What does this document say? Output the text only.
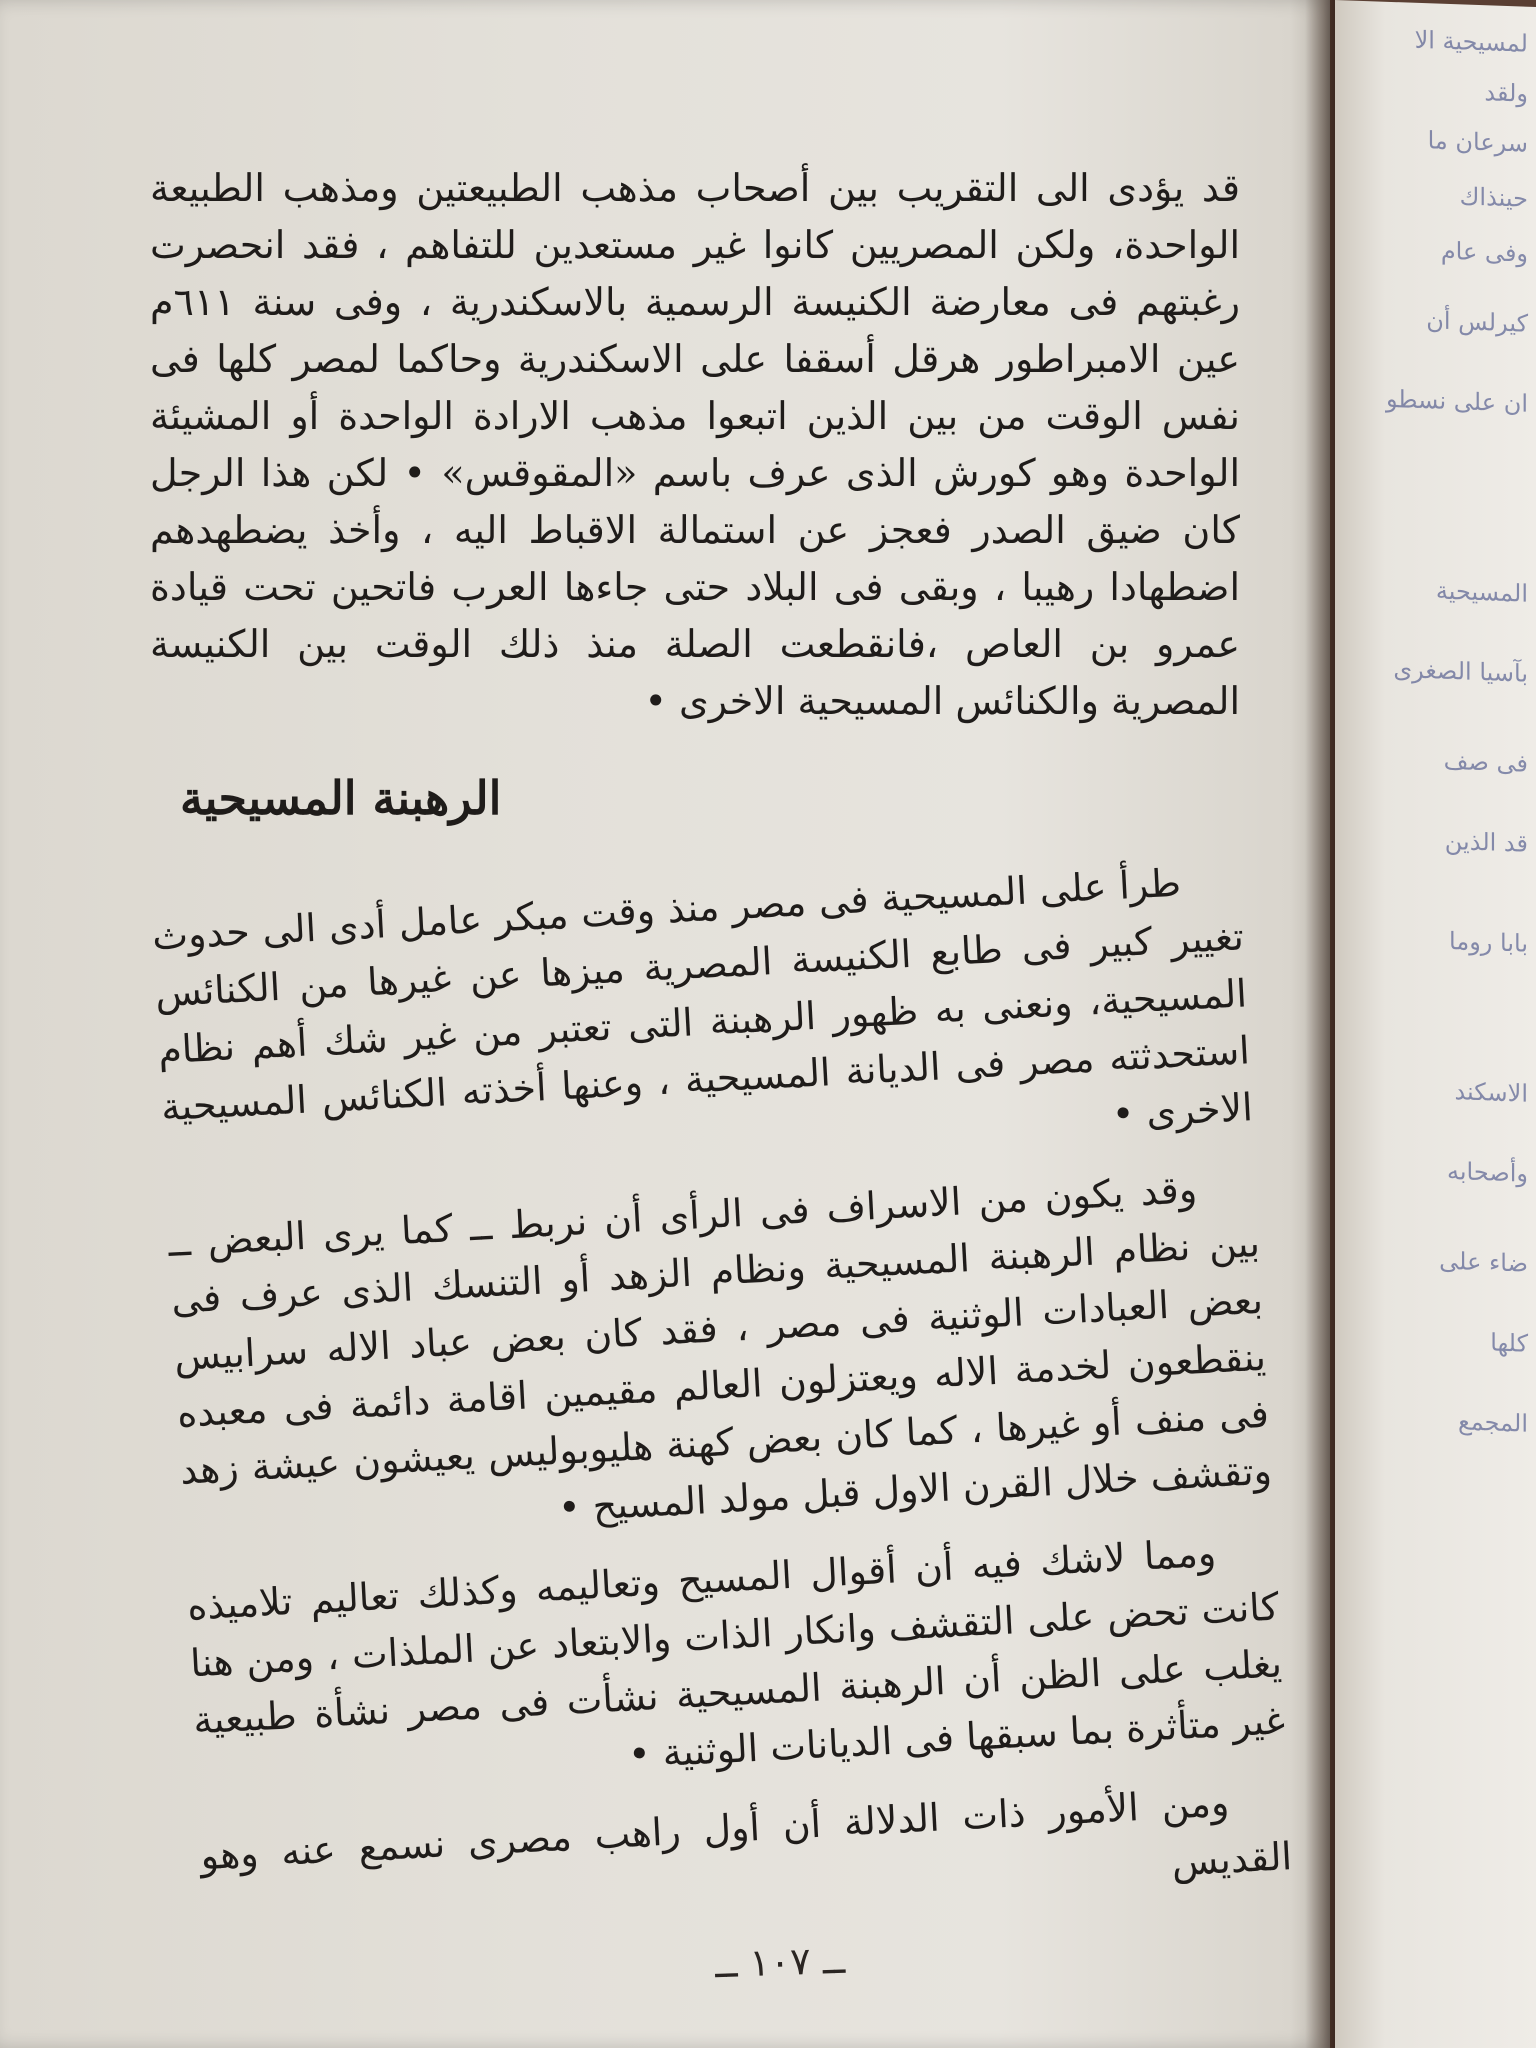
لمسيحية الا
ولقد
سرعان ما
حينذاك
وفى عام
كيرلس أن
ان على نسطو
المسيحية
بآسيا الصغرى
فى صف
قد الذين
بابا روما
الاسكند
وأصحابه
ضاء على
كلها
المجمع

قد يؤدى الى التقريب بين أصحاب مذهب الطبيعتين ومذهب الطبيعة الواحدة، ولكن المصريين كانوا غير مستعدين للتفاهم ، فقد انحصرت رغبتهم فى معارضة الكنيسة الرسمية بالاسكندرية ، وفى سنة ٦١١م عين الامبراطور هرقل أسقفا على الاسكندرية وحاكما لمصر كلها فى نفس الوقت من بين الذين اتبعوا مذهب الارادة الواحدة أو المشيئة الواحدة وهو كورش الذى عرف باسم «المقوقس» • لكن هذا الرجل كان ضيق الصدر فعجز عن استمالة الاقباط اليه ، وأخذ يضطهدهم اضطهادا رهيبا ، وبقى فى البلاد حتى جاءها العرب فاتحين تحت قيادة عمرو بن العاص ،فانقطعت الصلة منذ ذلك الوقت بين الكنيسة المصرية والكنائس المسيحية الاخرى •

الرهبنة المسيحية

طرأ على المسيحية فى مصر منذ وقت مبكر عامل أدى الى حدوث تغيير كبير فى طابع الكنيسة المصرية ميزها عن غيرها من الكنائس المسيحية، ونعنى به ظهور الرهبنة التى تعتبر من غير شك أهم نظام استحدثته مصر فى الديانة المسيحية ، وعنها أخذته الكنائس المسيحية الاخرى •

وقد يكون من الاسراف فى الرأى أن نربط ــ كما يرى البعض ــ بين نظام الرهبنة المسيحية ونظام الزهد أو التنسك الذى عرف فى بعض العبادات الوثنية فى مصر ، فقد كان بعض عباد الاله سرابيس ينقطعون لخدمة الاله ويعتزلون العالم مقيمين اقامة دائمة فى معبده فى منف أو غيرها ، كما كان بعض كهنة هليوبوليس يعيشون عيشة زهد وتقشف خلال القرن الاول قبل مولد المسيح •

ومما لاشك فيه أن أقوال المسيح وتعاليمه وكذلك تعاليم تلاميذه كانت تحض على التقشف وانكار الذات والابتعاد عن الملذات ، ومن هنا يغلب على الظن أن الرهبنة المسيحية نشأت فى مصر نشأة طبيعية غير متأثرة بما سبقها فى الديانات الوثنية •

ومن الأمور ذات الدلالة أن أول راهب مصرى نسمع عنه وهو القديس

ــ ١٠٧ ــ
